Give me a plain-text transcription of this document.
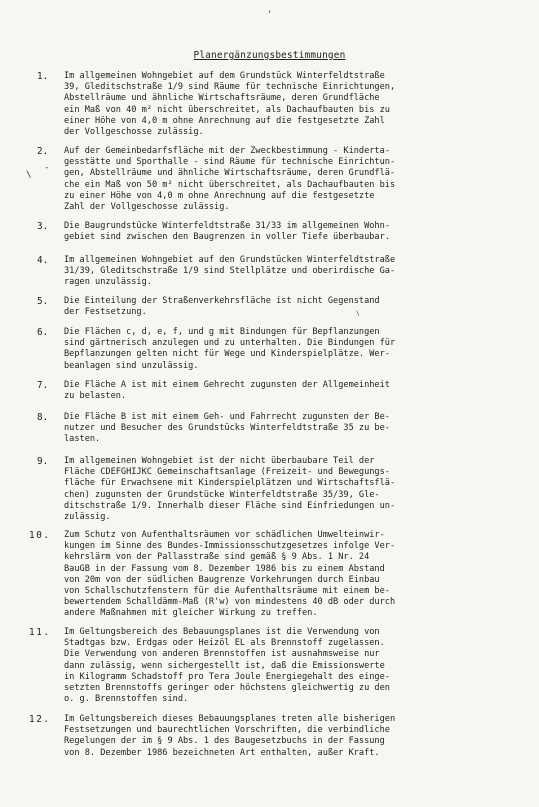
Planergänzungsbestimmungen
'
\
-
\
1. Im allgemeinen Wohngebiet auf dem Grundstück Winterfeldtstraße
39, Gleditschstraße 1/9 sind Räume für technische Einrichtungen,
Abstellräume und ähnliche Wirtschaftsräume, deren Grundfläche
ein Maß von 40 m² nicht überschreitet, als Dachaufbauten bis zu
einer Höhe von 4,0 m ohne Anrechnung auf die festgesetzte Zahl
der Vollgeschosse zulässig.
2. Auf der Gemeinbedarfsfläche mit der Zweckbestimmung - Kinderta-
gesstätte und Sporthalle - sind Räume für technische Einrichtun-
gen, Abstellräume und ähnliche Wirtschaftsräume, deren Grundflä-
che ein Maß von 50 m² nicht überschreitet, als Dachaufbauten bis
zu einer Höhe von 4,0 m ohne Anrechnung auf die festgesetzte
Zahl der Vollgeschosse zulässig.
3. Die Baugrundstücke Winterfeldtstraße 31/33 im allgemeinen Wohn-
gebiet sind zwischen den Baugrenzen in voller Tiefe überbaubar.
4. Im allgemeinen Wohngebiet auf den Grundstücken Winterfeldtstraße
31/39, Gleditschstraße 1/9 sind Stellplätze und oberirdische Ga-
ragen unzulässig.
5. Die Einteilung der Straßenverkehrsfläche ist nicht Gegenstand
der Festsetzung.
6. Die Flächen c, d, e, f, und g mit Bindungen für Bepflanzungen
sind gärtnerisch anzulegen und zu unterhalten. Die Bindungen für
Bepflanzungen gelten nicht für Wege und Kinderspielplätze. Wer-
beanlagen sind unzulässig.
7. Die Fläche A ist mit einem Gehrecht zugunsten der Allgemeinheit
zu belasten.
8. Die Fläche B ist mit einem Geh- und Fahrrecht zugunsten der Be-
nutzer und Besucher des Grundstücks Winterfeldtstraße 35 zu be-
lasten.
9. Im allgemeinen Wohngebiet ist der nicht überbaubare Teil der
Fläche CDEFGHIJKC Gemeinschaftsanlage (Freizeit- und Bewegungs-
fläche für Erwachsene mit Kinderspielplätzen und Wirtschaftsflä-
chen) zugunsten der Grundstücke Winterfeldtstraße 35/39, Gle-
ditschstraße 1/9. Innerhalb dieser Fläche sind Einfriedungen un-
zulässig.
10. Zum Schutz von Aufenthaltsräumen vor schädlichen Umwelteinwir-
kungen im Sinne des Bundes-Immissionsschutzgesetzes infolge Ver-
kehrslärm von der Pallasstraße sind gemäß § 9 Abs. 1 Nr. 24
BauGB in der Fassung vom 8. Dezember 1986 bis zu einem Abstand
von 20m von der südlichen Baugrenze Vorkehrungen durch Einbau
von Schallschutzfenstern für die Aufenthaltsräume mit einem be-
bewertendem Schalldämm-Maß (R'w) von mindestens 40 dB oder durch
andere Maßnahmen mit gleicher Wirkung zu treffen.
11. Im Geltungsbereich des Bebauungsplanes ist die Verwendung von
Stadtgas bzw. Erdgas oder Heizöl EL als Brennstoff zugelassen.
Die Verwendung von anderen Brennstoffen ist ausnahmsweise nur
dann zulässig, wenn sichergestellt ist, daß die Emissionswerte
in Kilogramm Schadstoff pro Tera Joule Energiegehalt des einge-
setzten Brennstoffs geringer oder höchstens gleichwertig zu den
o. g. Brennstoffen sind.
12. Im Geltungsbereich dieses Bebauungsplanes treten alle bisherigen
Festsetzungen und baurechtlichen Vorschriften, die verbindliche
Regelungen der im § 9 Abs. 1 des Baugesetzbuchs in der Fassung
von 8. Dezember 1986 bezeichneten Art enthalten, außer Kraft.
